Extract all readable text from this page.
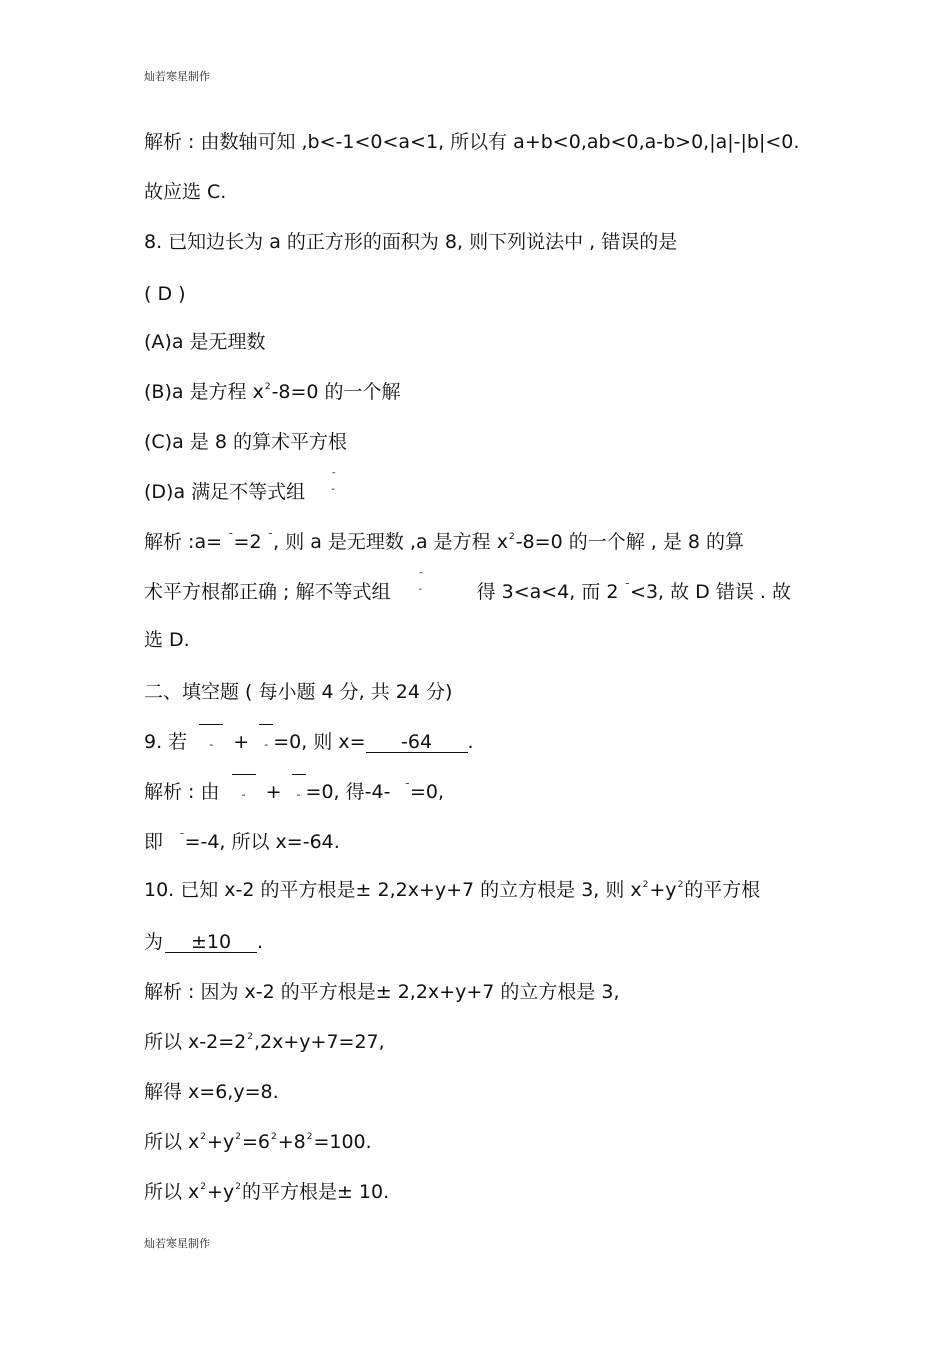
灿若寒星制作
解析 : 由数轴可知 ,b<-1<0<a<1, 所以有 a+b<0,ab<0,a-b>0,|a|-|b|<0.
故应选 C.
8. 已知边长为 a 的正方形的面积为 8, 则下列说法中 , 错误的是
( D )
(A)a 是无理数
(B)a 是方程 $x^2-8=0$ 的一个解
(C)a 是 8 的算术平方根
(D)a 满足不等式组 ¯
-
解析 :a= ¯=2 ¯, 则 a 是无理数 ,a 是方程 $x^2-8=0$ 的一个解 , 是 8 的算
术平方根都正确 ; 解不等式组 ¯
-	得 3<a<4, 而 2 ¯<3, 故 D 错误 . 故
选 D.
二、填空题 ( 每小题 4 分, 共 24 分)
9. 若 - + - =0, 则 x= -64 .
解析 : 由 - + - =0, 得-4- ¯=0,
即 ¯=-4, 所以 x=-64.
10. 已知 x-2 的平方根是± 2,2x+y+7 的立方根是 3, 则 $x^2+y^2$的平方根
为 ±10 .
解析 : 因为 x-2 的平方根是± 2,2x+y+7 的立方根是 3,
所以 $x-2=2^2,2x+y+7=27$,
解得 x=6,y=8.
所以 $x^2+y^2=6^2+8^2=100$.
所以 $x^2+y^2$的平方根是± 10.
灿若寒星制作
